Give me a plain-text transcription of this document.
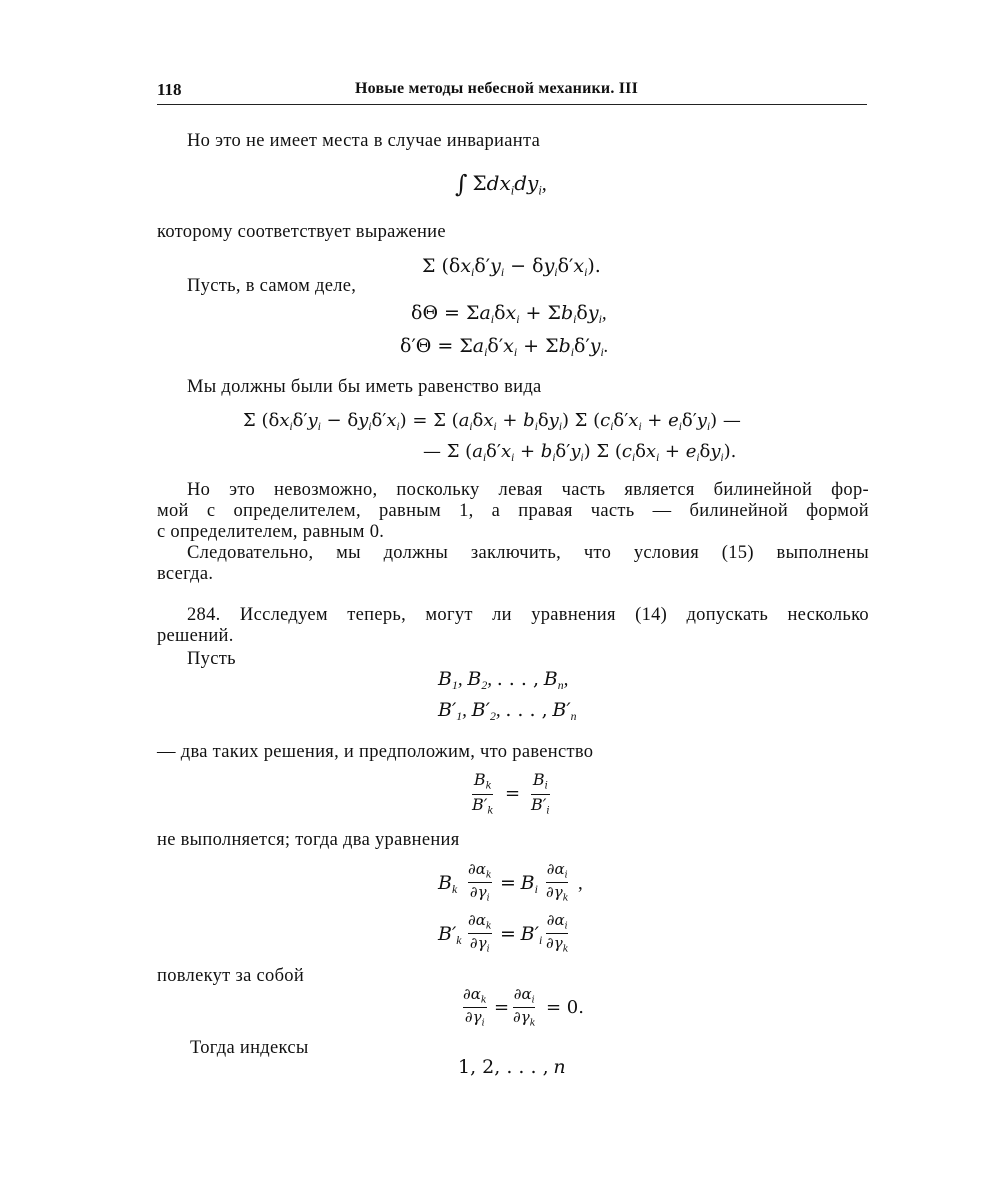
118	Новые методы небесной механики. III
Но это не имеет места в случае инварианта
∫ $\Sigma dx_idy_i$,
которому соответствует выражение
Σ $(\delta x_i\delta'y_i - \delta y_i\delta'x_i)$.
Пусть, в самом деле,
$\delta\Theta = \Sigma a_i\delta x_i + \Sigma b_i\delta y_i$,
$\delta'\Theta = \Sigma a_i\delta'x_i + \Sigma b_i\delta'y_i$.
Мы должны были бы иметь равенство вида
Σ $(\delta x_i\delta'y_i - \delta y_i\delta'x_i) = \Sigma$ $(a_i\delta x_i + b_i\delta y_i)$ Σ $(c_i\delta'x_i + e_i\delta'y_i)$ —
— Σ $(a_i\delta'x_i + b_i\delta'y_i)$ Σ $(c_i\delta x_i + e_i\delta y_i)$.
Но это невозможно, поскольку левая часть является билинейной фор-
мой с определителем, равным 1, а правая часть — билинейной формой
с определителем, равным 0.
Следовательно, мы должны заключить, что условия (15) выполнены
всегда.
284. Исследуем теперь, могут ли уравнения (14) допускать несколько
решений.
Пусть
$B_1$, $B_2$, . . . , $B_n$,
$B'_1$, $B'_2$, . . . , $B'_n$
— два таких решения, и предположим, что равенство
$B_k$
$B'_k$
=
$B_i$
$B'_i$
не выполняется; тогда два уравнения
$B_k$
$\partial\alpha_k$
$\partial\gamma_i$
= $B_i$
$\partial\alpha_i$
$\partial\gamma_k$
,
$B'_k$
$\partial\alpha_k$
$\partial\gamma_i$
= $B'_i$
$\partial\alpha_i$
$\partial\gamma_k$
повлекут за собой
$\partial\alpha_k$
$\partial\gamma_i$
=
$\partial\alpha_i$
$\partial\gamma_k$
= 0.
Тогда индексы
1, 2, . . . , n
